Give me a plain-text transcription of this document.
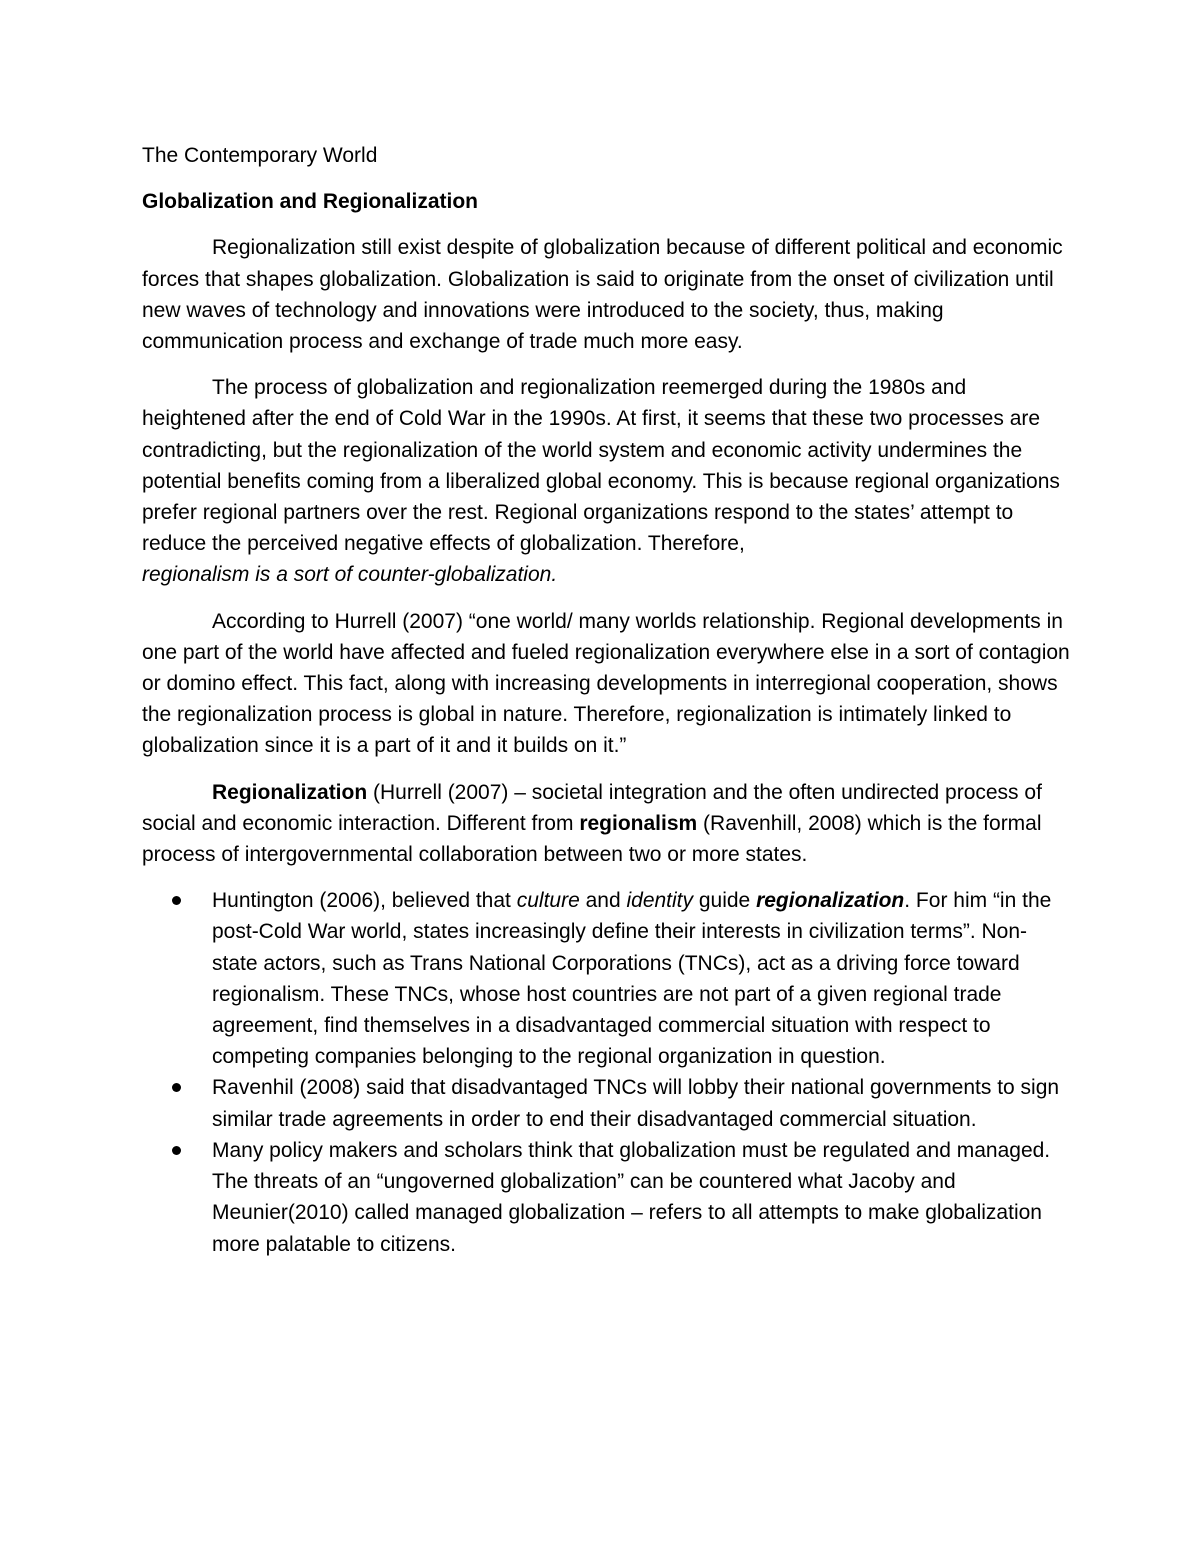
The Contemporary World

Globalization and Regionalization

Regionalization still exist despite of globalization because of different political and economic forces that shapes globalization. Globalization is said to originate from the onset of civilization until new waves of technology and innovations were introduced to the society, thus, making communication process and exchange of trade much more easy.

The process of globalization and regionalization reemerged during the 1980s and heightened after the end of Cold War in the 1990s. At first, it seems that these two processes are contradicting, but the regionalization of the world system and economic activity undermines the potential benefits coming from a liberalized global economy. This is because regional organizations prefer regional partners over the rest. Regional organizations respond to the states’ attempt to reduce the perceived negative effects of globalization. Therefore,
regionalism is a sort of counter-globalization.

According to Hurrell (2007) “one world/ many worlds relationship. Regional developments in one part of the world have affected and fueled regionalization everywhere else in a sort of contagion or domino effect. This fact, along with increasing developments in interregional cooperation, shows the regionalization process is global in nature. Therefore, regionalization is intimately linked to globalization since it is a part of it and it builds on it.”

Regionalization (Hurrell (2007) – societal integration and the often undirected process of social and economic interaction. Different from regionalism (Ravenhill, 2008) which is the formal process of intergovernmental collaboration between two or more states.

Huntington (2006), believed that culture and identity guide regionalization. For him “in the post-Cold War world, states increasingly define their interests in civilization terms”. Non-state actors, such as Trans National Corporations (TNCs), act as a driving force toward regionalism. These TNCs, whose host countries are not part of a given regional trade agreement, find themselves in a disadvantaged commercial situation with respect to competing companies belonging to the regional organization in question.
Ravenhil (2008) said that disadvantaged TNCs will lobby their national governments to sign similar trade agreements in order to end their disadvantaged commercial situation.
Many policy makers and scholars think that globalization must be regulated and managed. The threats of an “ungoverned globalization” can be countered what Jacoby and Meunier(2010) called managed globalization – refers to all attempts to make globalization more palatable to citizens.
